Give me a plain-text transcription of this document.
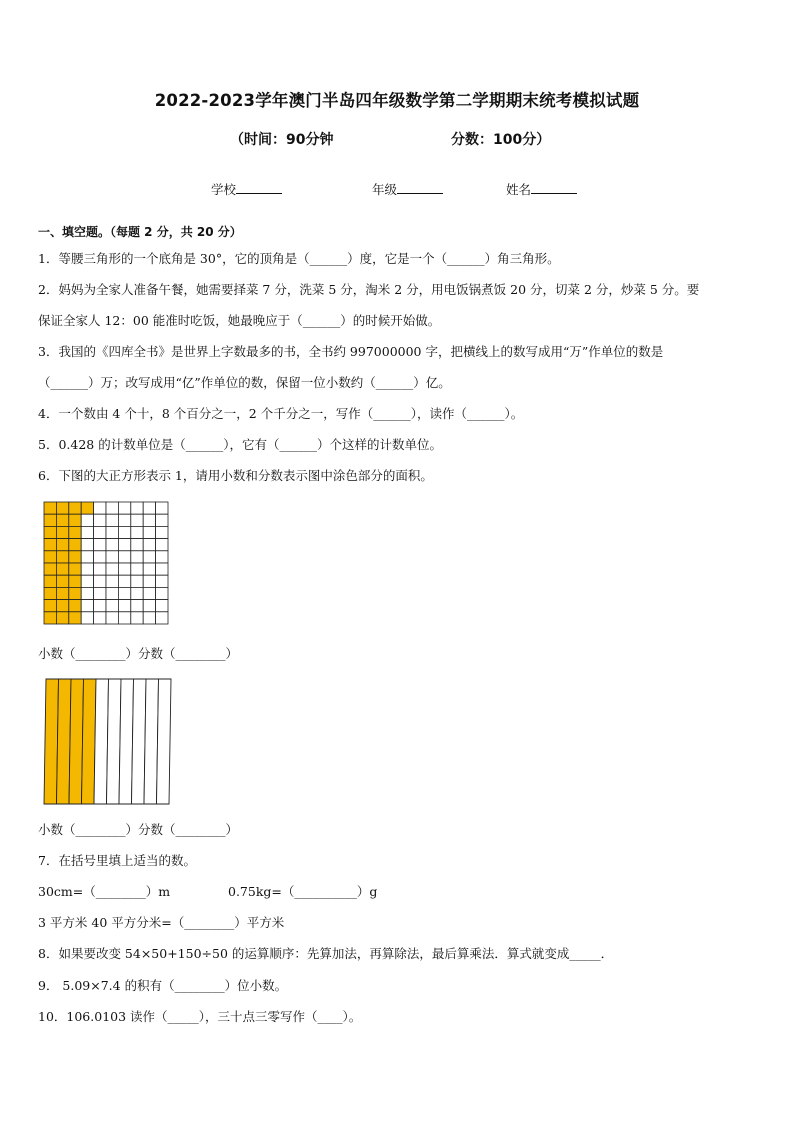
2022-2023学年澳门半岛四年级数学第二学期期末统考模拟试题
（时间：90分钟	分数：100分）
学校	年级	姓名
一、填空题。（每题 2 分，共 20 分）
1．等腰三角形的一个底角是 30°，它的顶角是（______）度，它是一个（______）角三角形。
2．妈妈为全家人准备午餐，她需要择菜 7 分，洗菜 5 分，淘米 2 分，用电饭锅煮饭 20 分，切菜 2 分，炒菜 5 分。要
保证全家人 12：00 能准时吃饭，她最晚应于（______）的时候开始做。
3．我国的《四库全书》是世界上字数最多的书，全书约 997000000 字，把横线上的数写成用“万”作单位的数是
（______）万；改写成用“亿”作单位的数，保留一位小数约（______）亿。
4．一个数由 4 个十，8 个百分之一，2 个千分之一，写作（______），读作（______）。
5．0.428 的计数单位是（______），它有（______）个这样的计数单位。
6．下图的大正方形表示 1，请用小数和分数表示图中涂色部分的面积。
小数（________）分数（________）
小数（________）分数（________）
7．在括号里填上适当的数。
30cm=（________）m	0.75kg=（__________）g
3 平方米 40 平方分米=（________）平方米
8．如果要改变 54×50+150÷50 的运算顺序：先算加法，再算除法，最后算乘法．算式就变成_____．
9． 5.09×7.4 的积有（________）位小数。
10．106.0103 读作（_____），三十点三零写作（____）。
